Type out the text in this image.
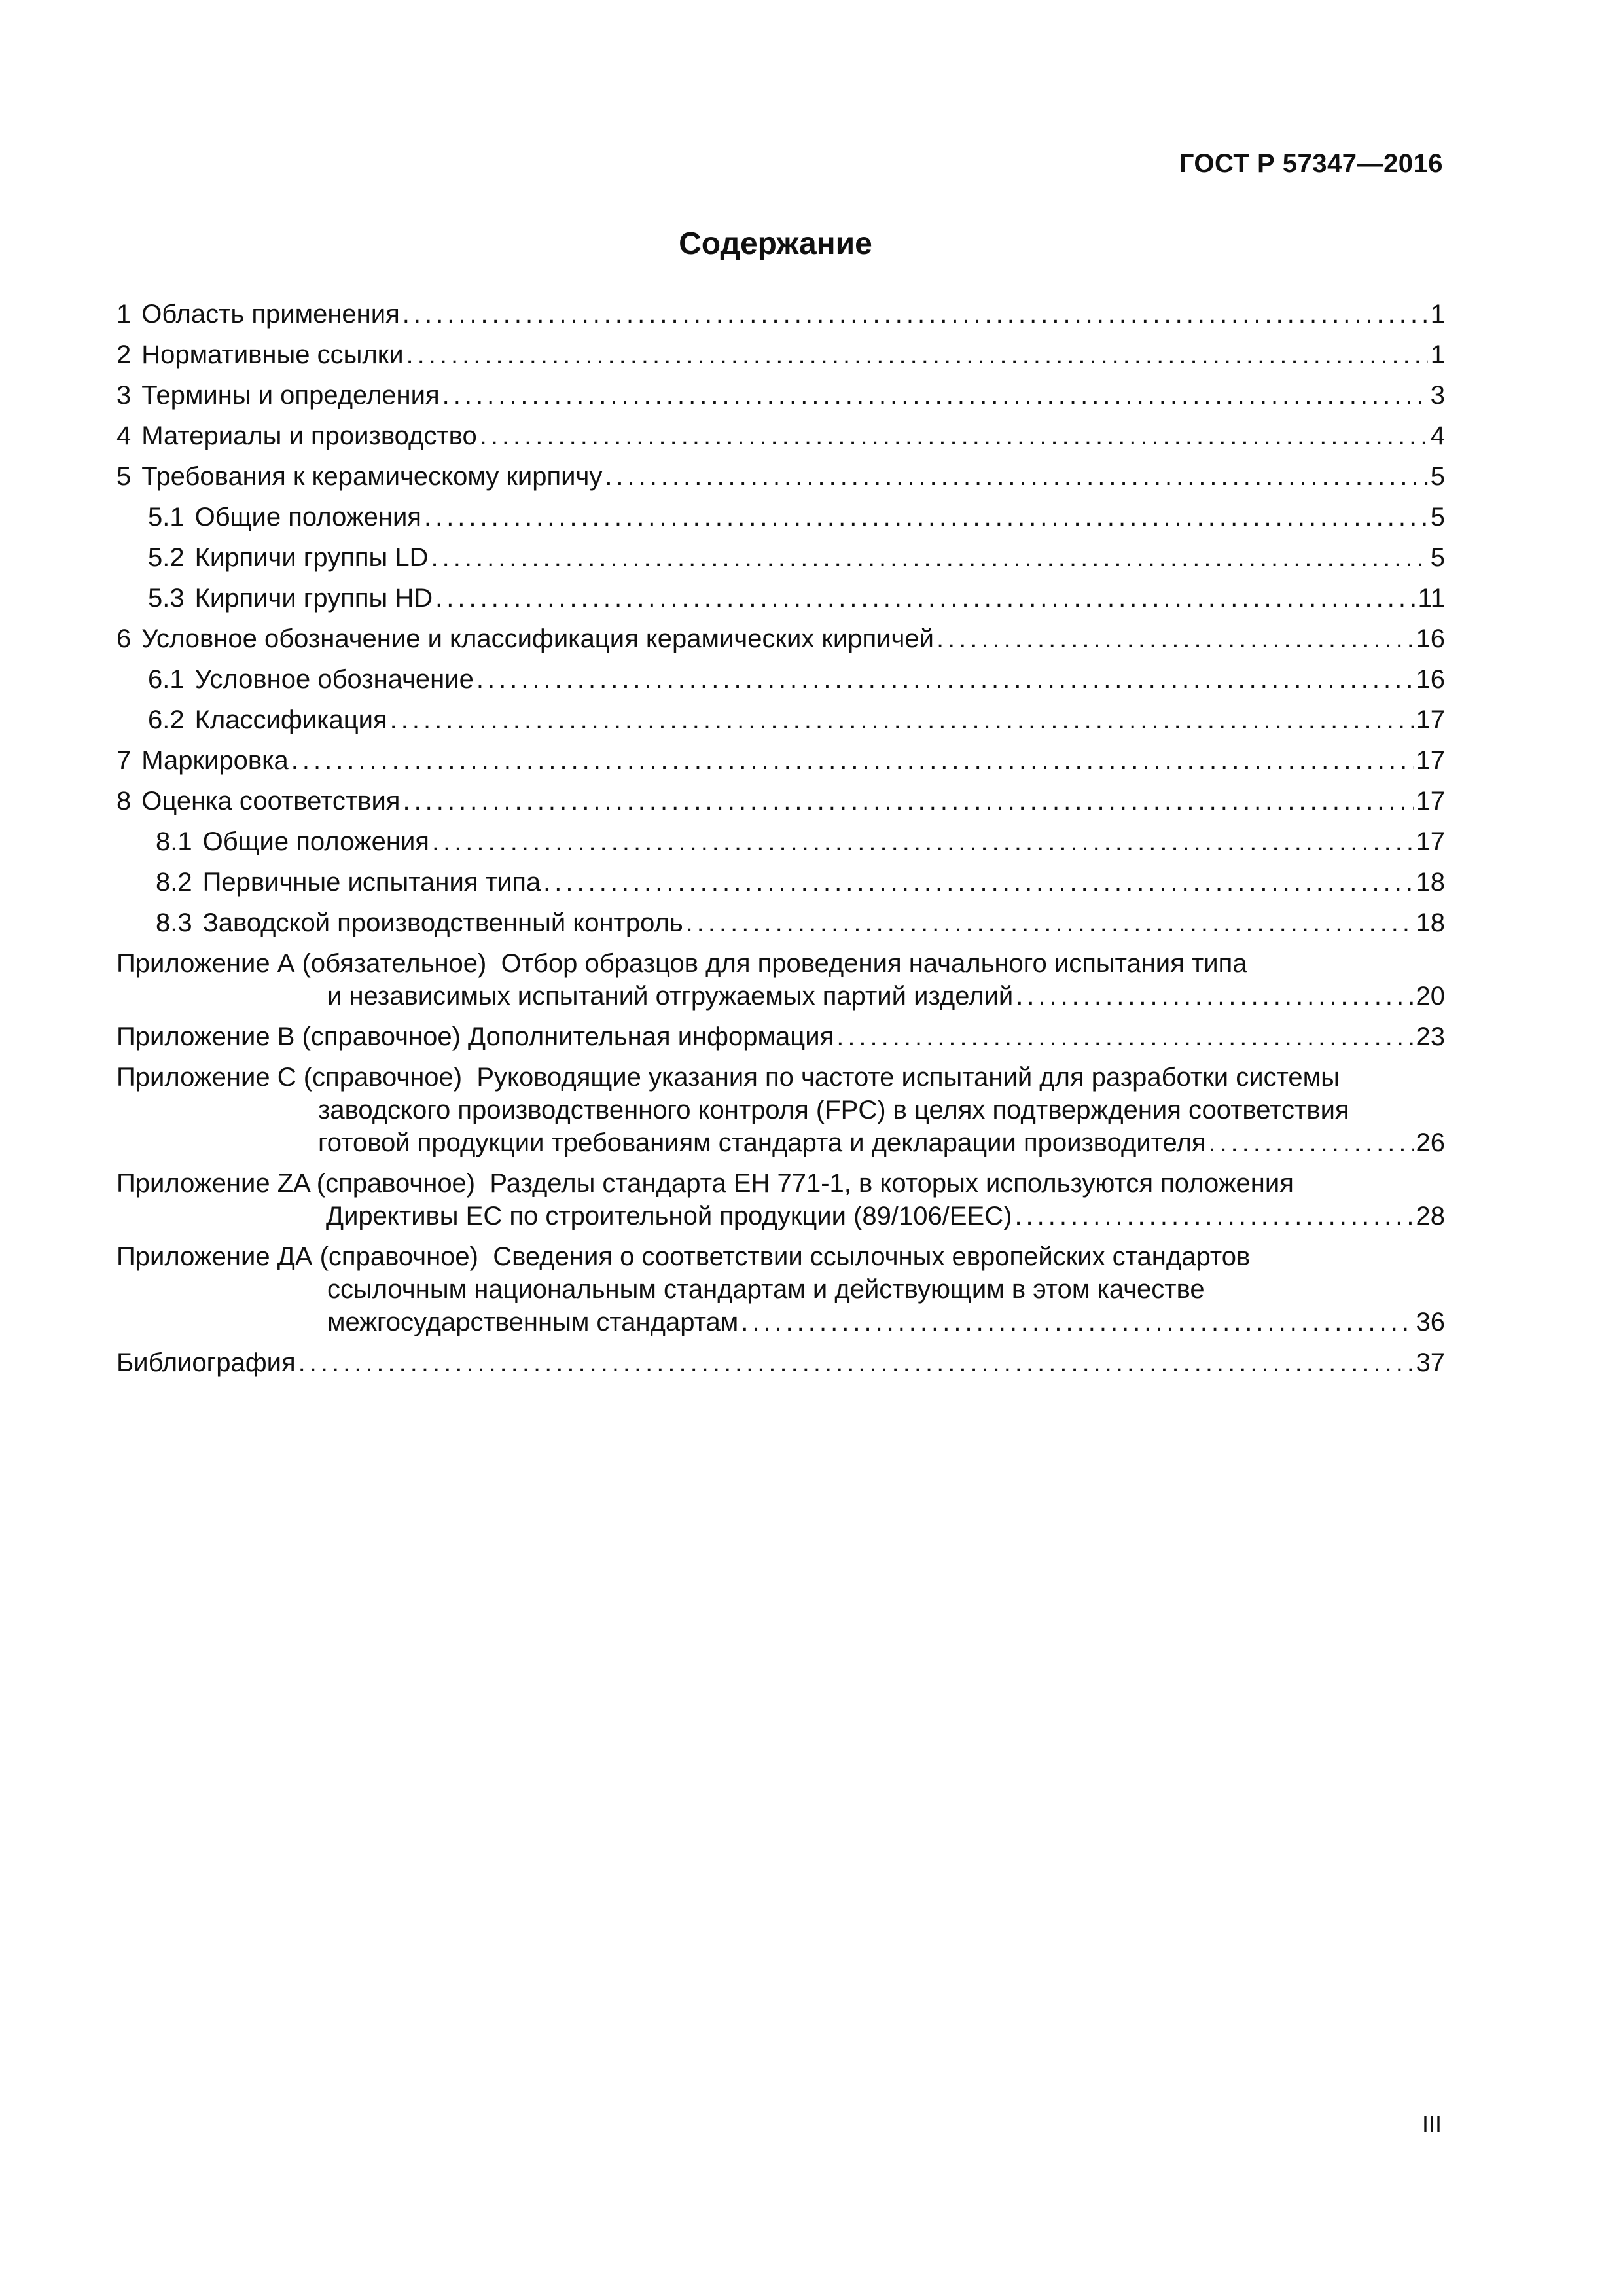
ГОСТ Р 57347—2016
Содержание
1 Область применения .....	1
2 Нормативные ссылки .....	1
3 Термины и определения .....	3
4 Материалы и производство .....	4
5 Требования к керамическому кирпичу .....	5
5.1 Общие положения .....	5
5.2 Кирпичи группы LD .....	5
5.3 Кирпичи группы HD .....	11
6 Условное обозначение и классификация керамических кирпичей .....	16
6.1 Условное обозначение .....	16
6.2 Классификация .....	17
7 Маркировка .....	17
8 Оценка соответствия .....	17
8.1 Общие положения .....	17
8.2 Первичные испытания типа .....	18
8.3 Заводской производственный контроль .....	18
Приложение А (обязательное) Отбор образцов для проведения начального испытания типа
и независимых испытаний отгружаемых партий изделий .....	20
Приложение В (справочное)
Дополнительная информация .....	23
Приложение С (справочное) Руководящие указания по частоте испытаний для разработки системы
заводского производственного контроля (FPC) в целях подтверждения соответствия
готовой продукции требованиям стандарта и декларации производителя .....	26
Приложение ZA (справочное) Разделы стандарта ЕН 771-1, в которых используются положения
Директивы ЕС по строительной продукции (89/106/ЕЕС) .....	28
Приложение ДА (справочное) Сведения о соответствии ссылочных европейских стандартов
ссылочным национальным стандартам и действующим в этом качестве
межгосударственным стандартам .....	36
Библиография .....	37
III
